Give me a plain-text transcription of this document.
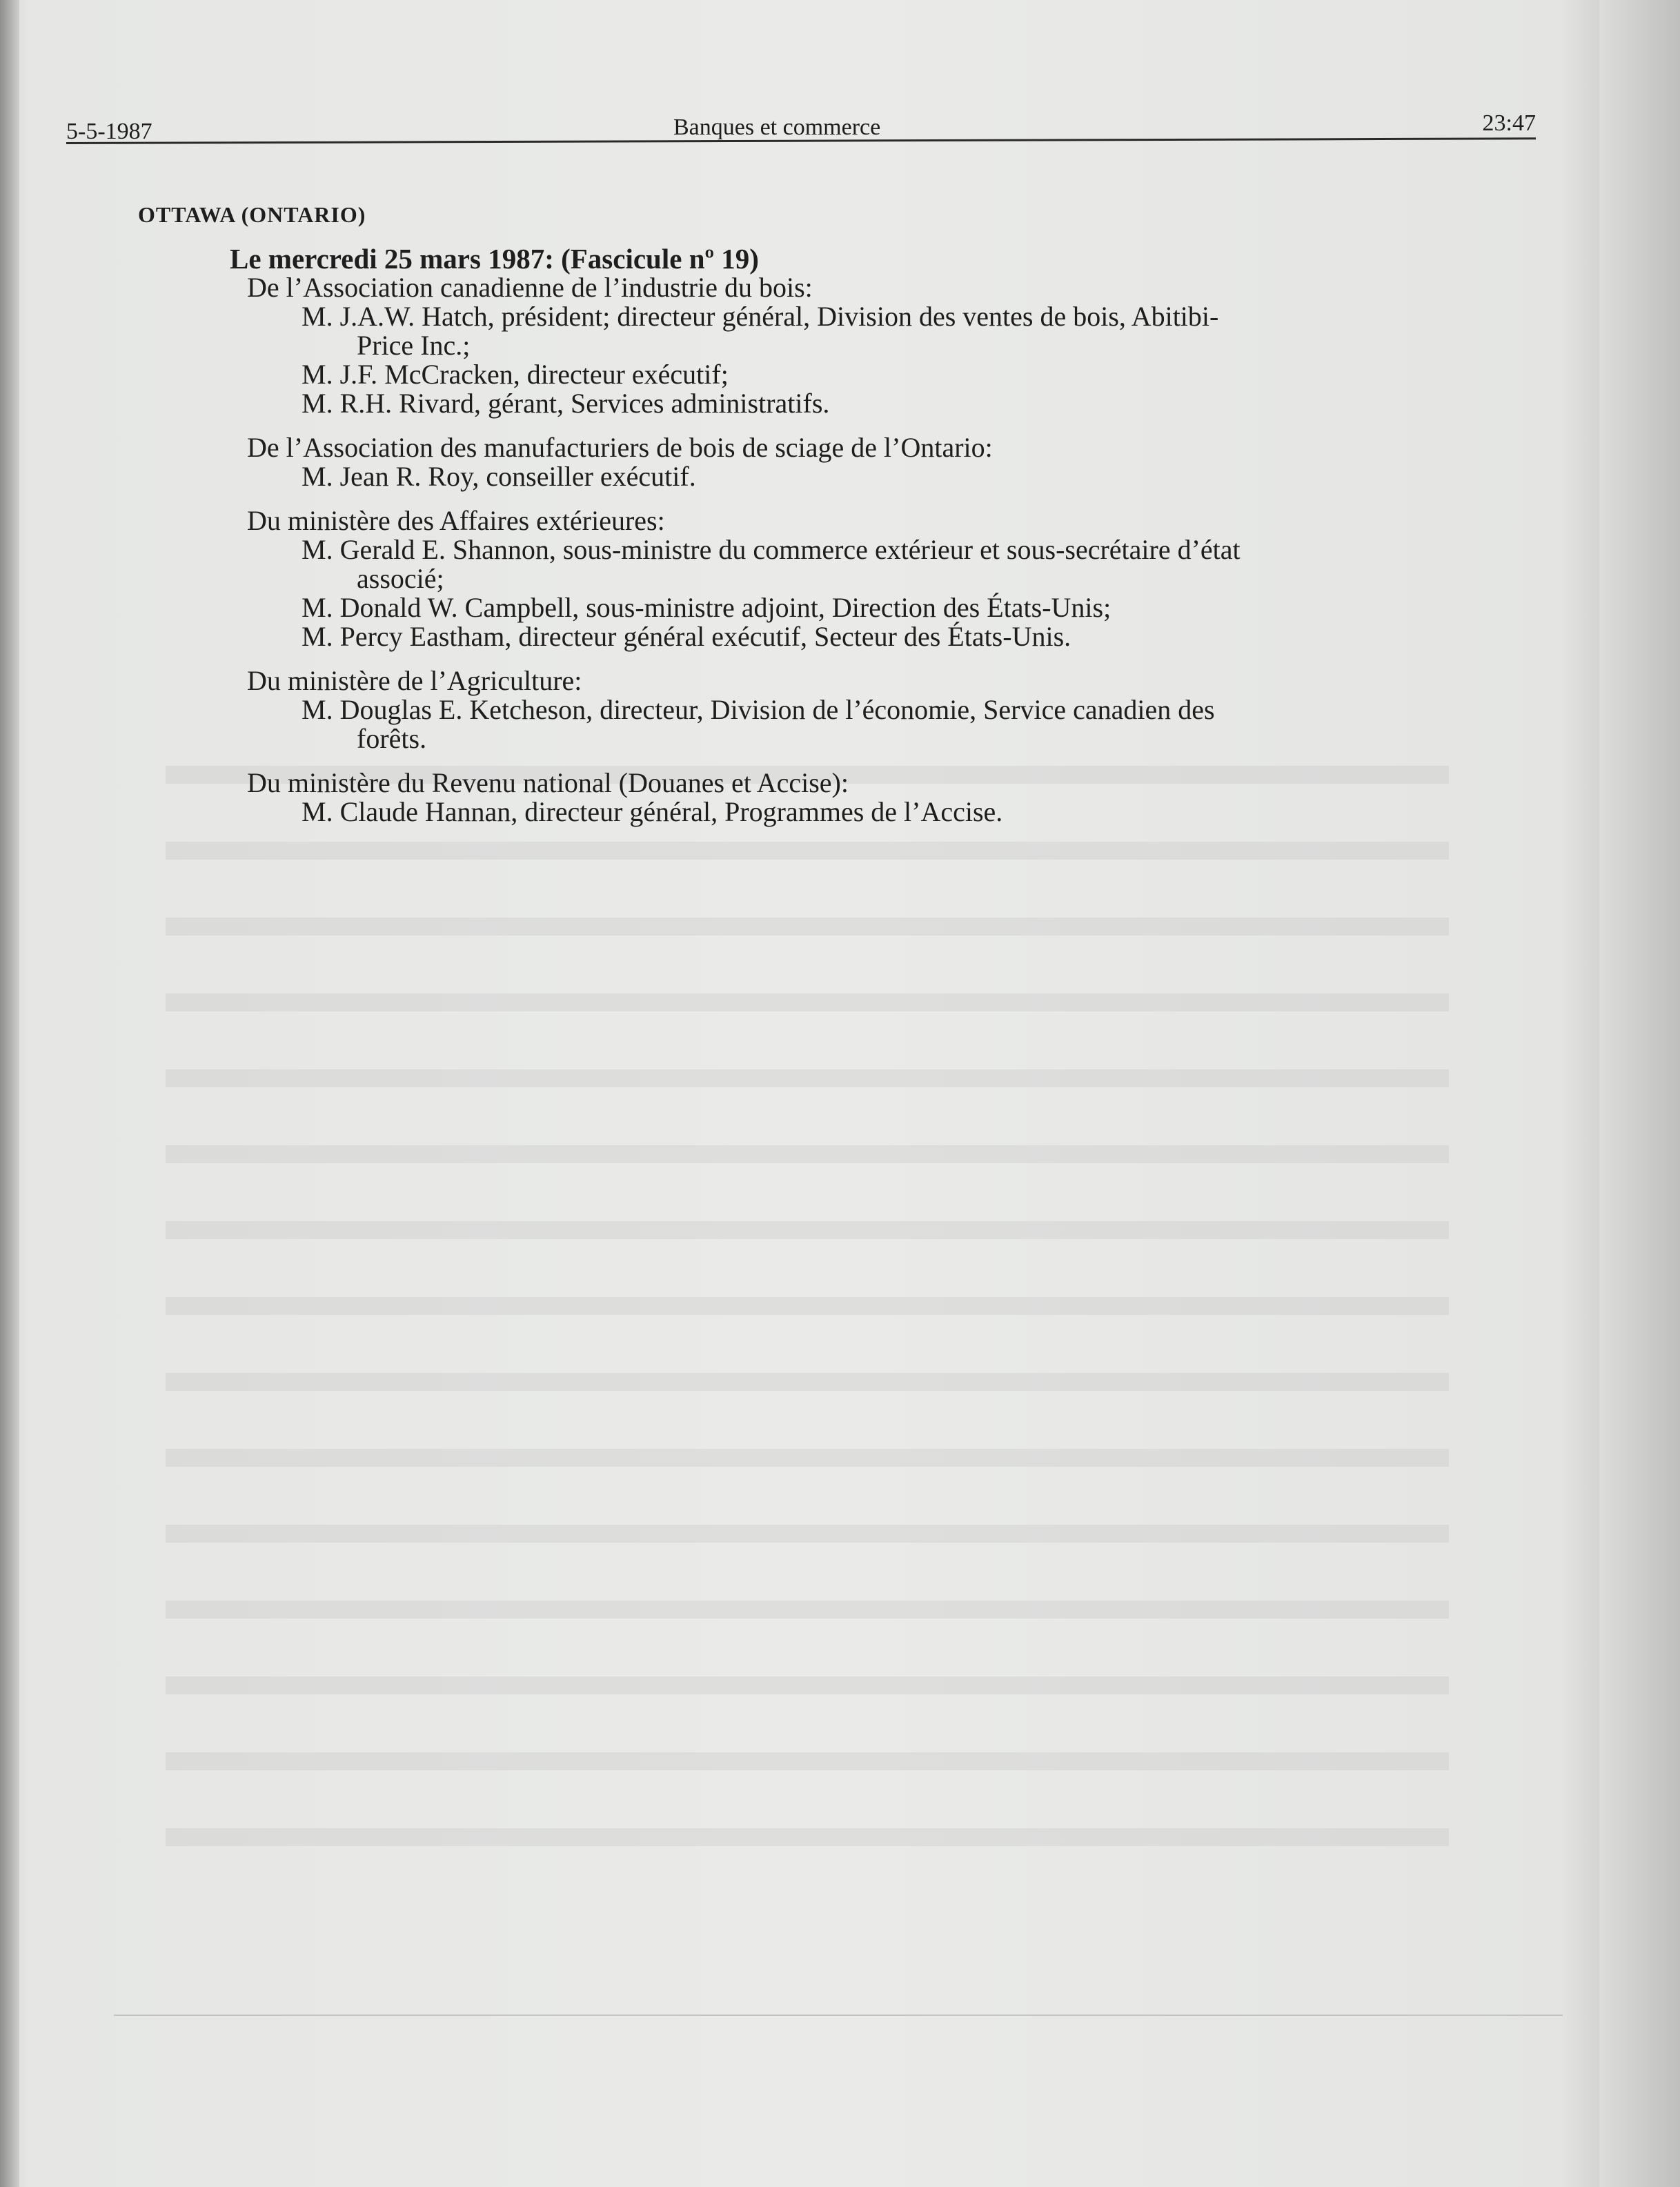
5-5-1987	Banques et commerce	23:47
OTTAWA (ONTARIO)
Le mercredi 25 mars 1987: (Fascicule nº 19)
De l’Association canadienne de l’industrie du bois:
M. J.A.W. Hatch, président; directeur général, Division des ventes de bois, Abitibi-
Price Inc.;
M. J.F. McCracken, directeur exécutif;
M. R.H. Rivard, gérant, Services administratifs.
De l’Association des manufacturiers de bois de sciage de l’Ontario:
M. Jean R. Roy, conseiller exécutif.
Du ministère des Affaires extérieures:
M. Gerald E. Shannon, sous-ministre du commerce extérieur et sous-secrétaire d’état
associé;
M. Donald W. Campbell, sous-ministre adjoint, Direction des États-Unis;
M. Percy Eastham, directeur général exécutif, Secteur des États-Unis.
Du ministère de l’Agriculture:
M. Douglas E. Ketcheson, directeur, Division de l’économie, Service canadien des
forêts.
Du ministère du Revenu national (Douanes et Accise):
M. Claude Hannan, directeur général, Programmes de l’Accise.
